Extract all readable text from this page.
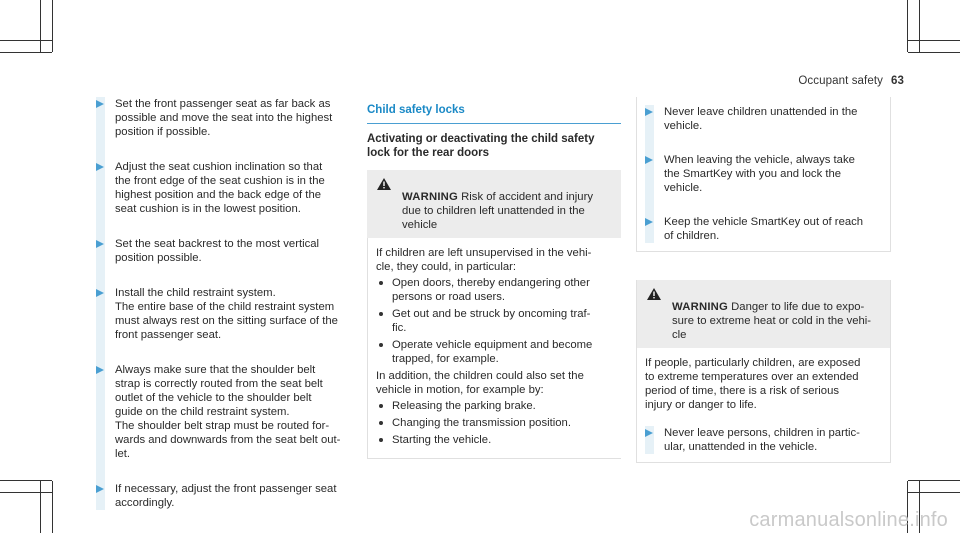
Occupant safety 63

Set the front passenger seat as far back as
possible and move the seat into the highest
position if possible.

Adjust the seat cushion inclination so that
the front edge of the seat cushion is in the
highest position and the back edge of the
seat cushion is in the lowest position.

Set the seat backrest to the most vertical
position possible.

Install the child restraint system.
The entire base of the child restraint system
must always rest on the sitting surface of the
front passenger seat.

Always make sure that the shoulder belt
strap is correctly routed from the seat belt
outlet of the vehicle to the shoulder belt
guide on the child restraint system.
The shoulder belt strap must be routed for-
wards and downwards from the seat belt out-
let.

If necessary, adjust the front passenger seat
accordingly.

Child safety locks
Activating or deactivating the child safety
lock for the rear doors

WARNING Risk of accident and injury
due to children left unattended in the
vehicle

If children are left unsupervised in the vehi-
cle, they could, in particular:

Open doors, thereby endangering other
persons or road users.
Get out and be struck by oncoming traf-
fic.
Operate vehicle equipment and become
trapped, for example.

In addition, the children could also set the
vehicle in motion, for example by:

Releasing the parking brake.
Changing the transmission position.
Starting the vehicle.

Never leave children unattended in the
vehicle.

When leaving the vehicle, always take
the SmartKey with you and lock the
vehicle.

Keep the vehicle SmartKey out of reach
of children.

WARNING Danger to life due to expo-
sure to extreme heat or cold in the vehi-
cle

If people, particularly children, are exposed
to extreme temperatures over an extended
period of time, there is a risk of serious
injury or danger to life.

Never leave persons, children in partic-
ular, unattended in the vehicle.

carmanualsonline.info
